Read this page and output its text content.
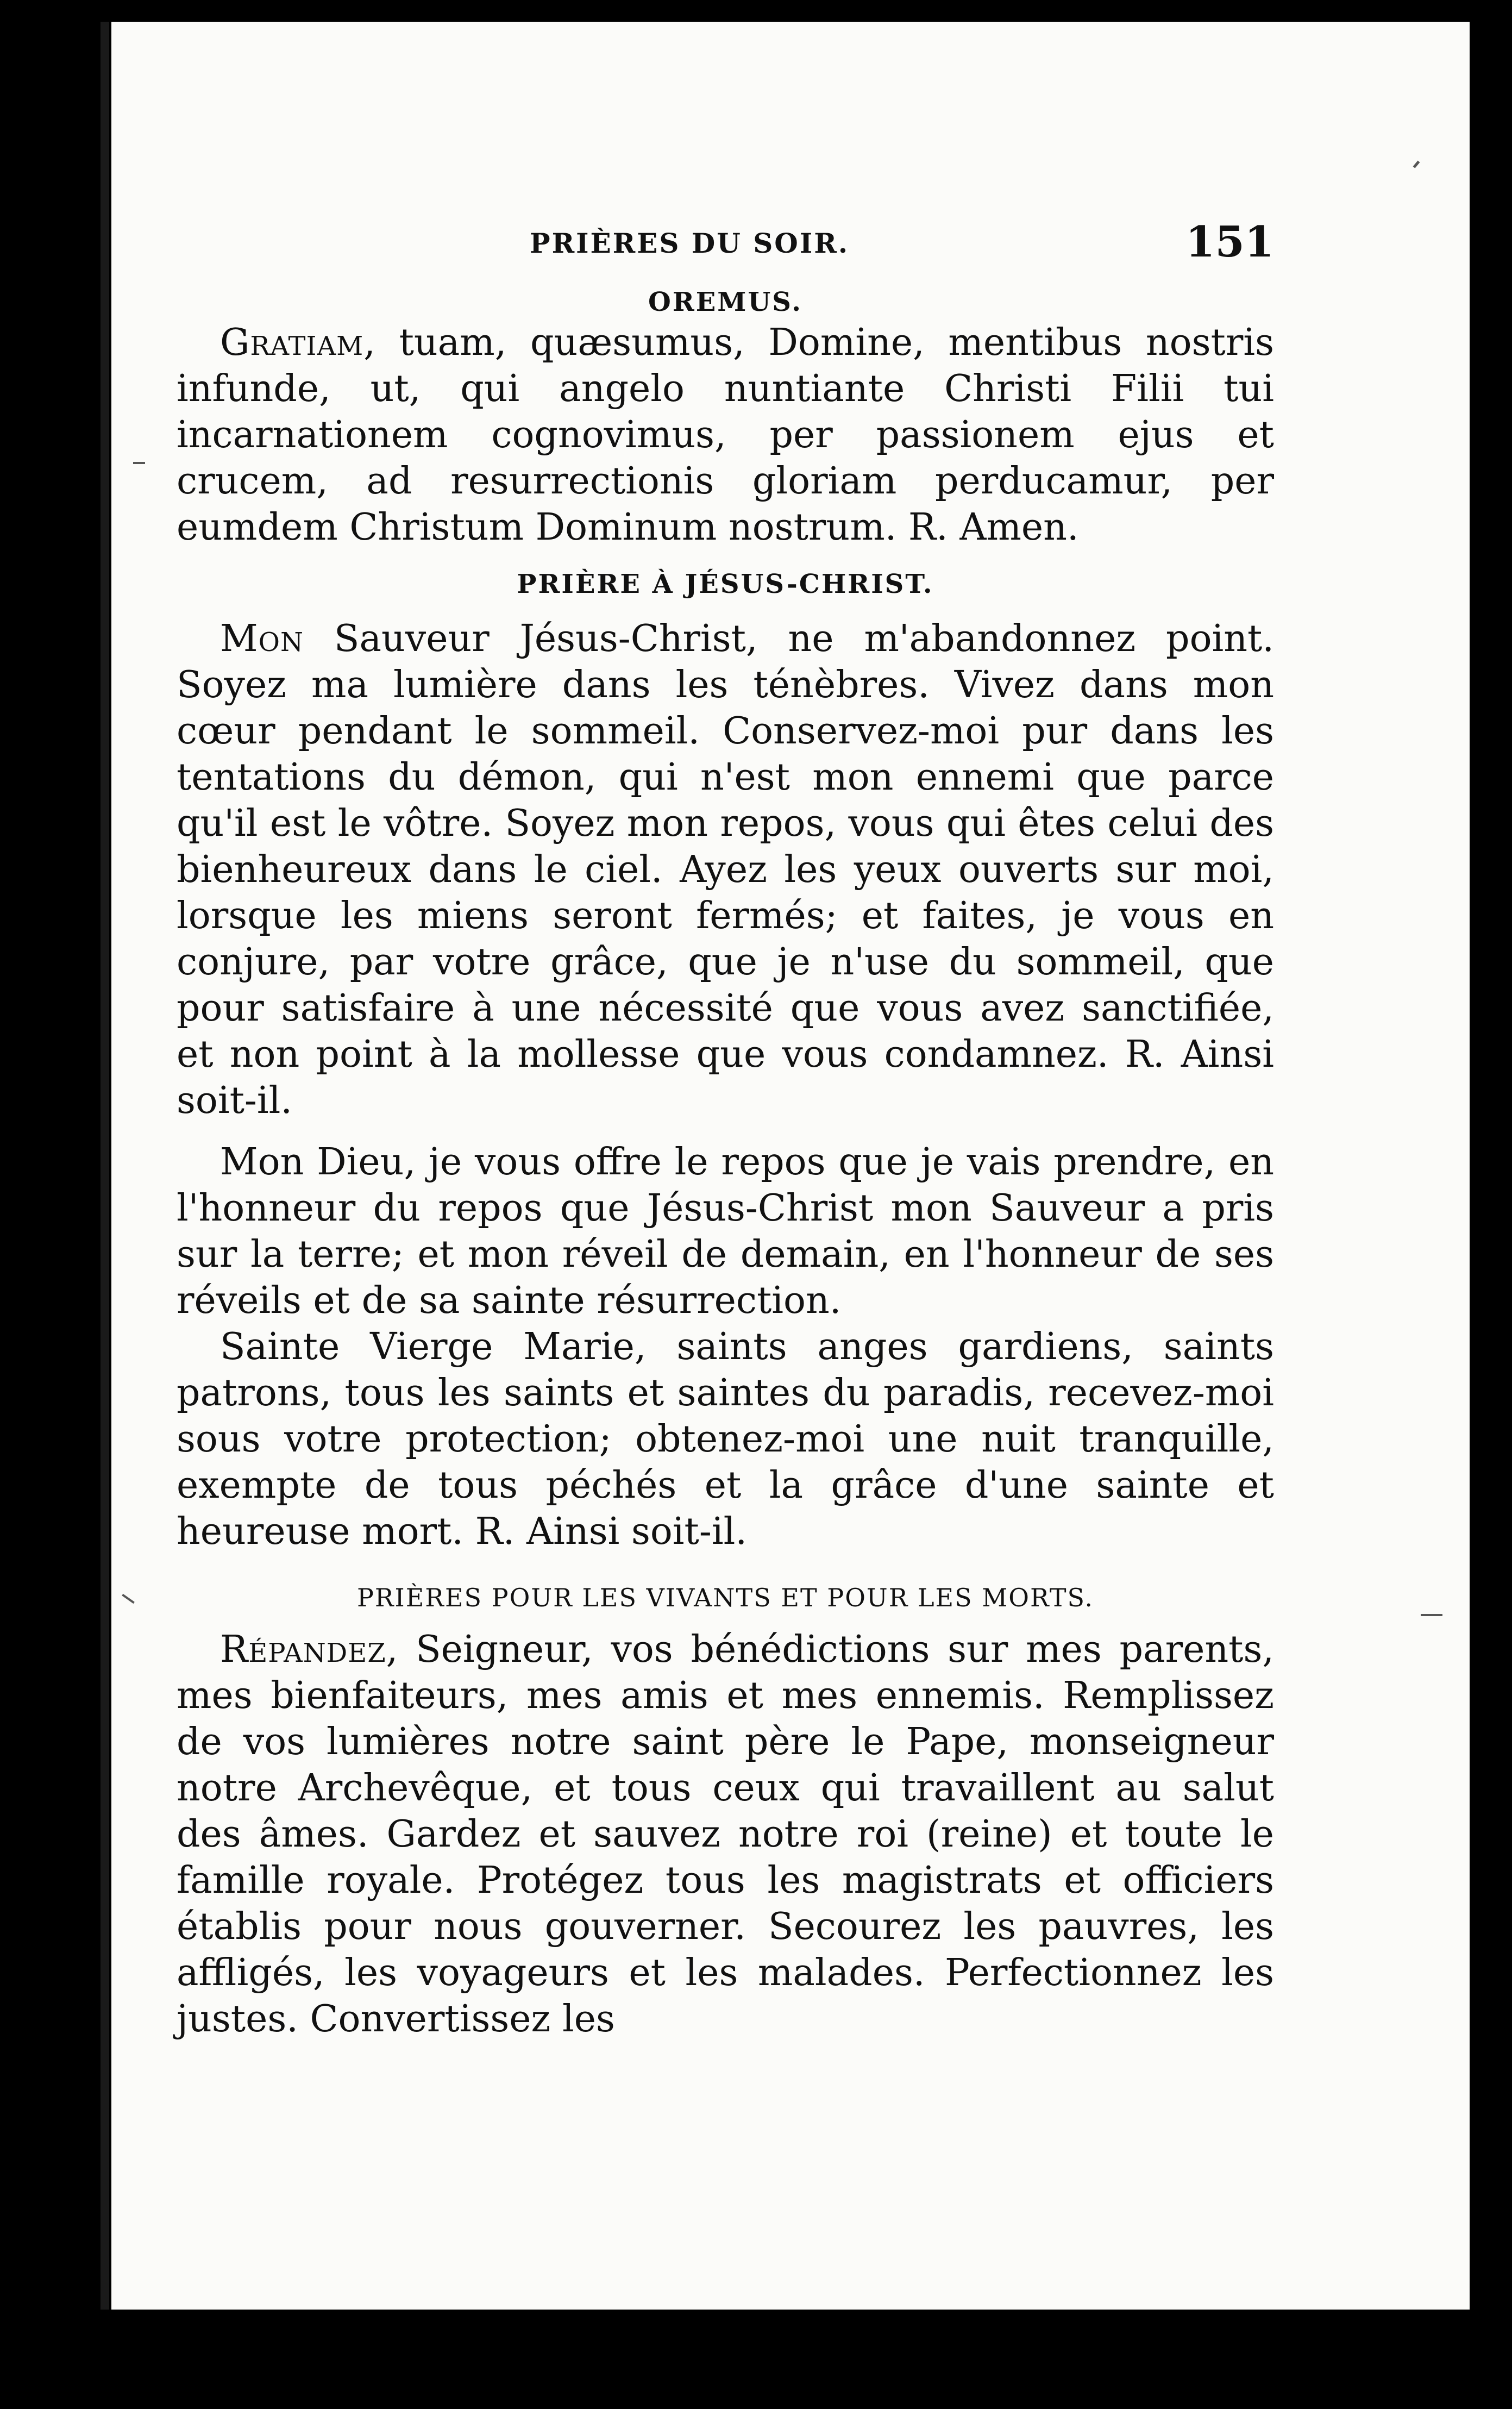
PRIÈRES DU SOIR.	151
OREMUS.

Gratiam, tuam, quæsumus, Domine, mentibus nostris infunde, ut, qui angelo nuntiante Christi Filii tui incarnationem cognovimus, per passionem ejus et crucem, ad resurrectionis gloriam perducamur, per eumdem Christum Dominum nostrum. R. Amen.

PRIÈRE À JÉSUS-CHRIST.

Mon Sauveur Jésus-Christ, ne m'abandonnez point. Soyez ma lumière dans les ténèbres. Vivez dans mon cœur pendant le sommeil. Conservez-moi pur dans les tentations du démon, qui n'est mon ennemi que parce qu'il est le vôtre. Soyez mon repos, vous qui êtes celui des bienheureux dans le ciel. Ayez les yeux ouverts sur moi, lorsque les miens seront fermés; et faites, je vous en conjure, par votre grâce, que je n'use du sommeil, que pour satisfaire à une nécessité que vous avez sanctifiée, et non point à la mollesse que vous condamnez. R. Ainsi soit-il.

Mon Dieu, je vous offre le repos que je vais prendre, en l'honneur du repos que Jésus-Christ mon Sauveur a pris sur la terre; et mon réveil de demain, en l'honneur de ses réveils et de sa sainte résurrection.

Sainte Vierge Marie, saints anges gardiens, saints patrons, tous les saints et saintes du paradis, recevez-moi sous votre protection; obtenez-moi une nuit tranquille, exempte de tous péchés et la grâce d'une sainte et heureuse mort. R. Ainsi soit-il.

PRIÈRES POUR LES VIVANTS ET POUR LES MORTS.

Répandez, Seigneur, vos bénédictions sur mes parents, mes bienfaiteurs, mes amis et mes ennemis. Remplissez de vos lumières notre saint père le Pape, monseigneur notre Archevêque, et tous ceux qui travaillent au salut des âmes. Gardez et sauvez notre roi (reine) et toute le famille royale. Protégez tous les magistrats et officiers établis pour nous gouverner. Secourez les pauvres, les affligés, les voyageurs et les malades. Perfectionnez les justes. Convertissez les
